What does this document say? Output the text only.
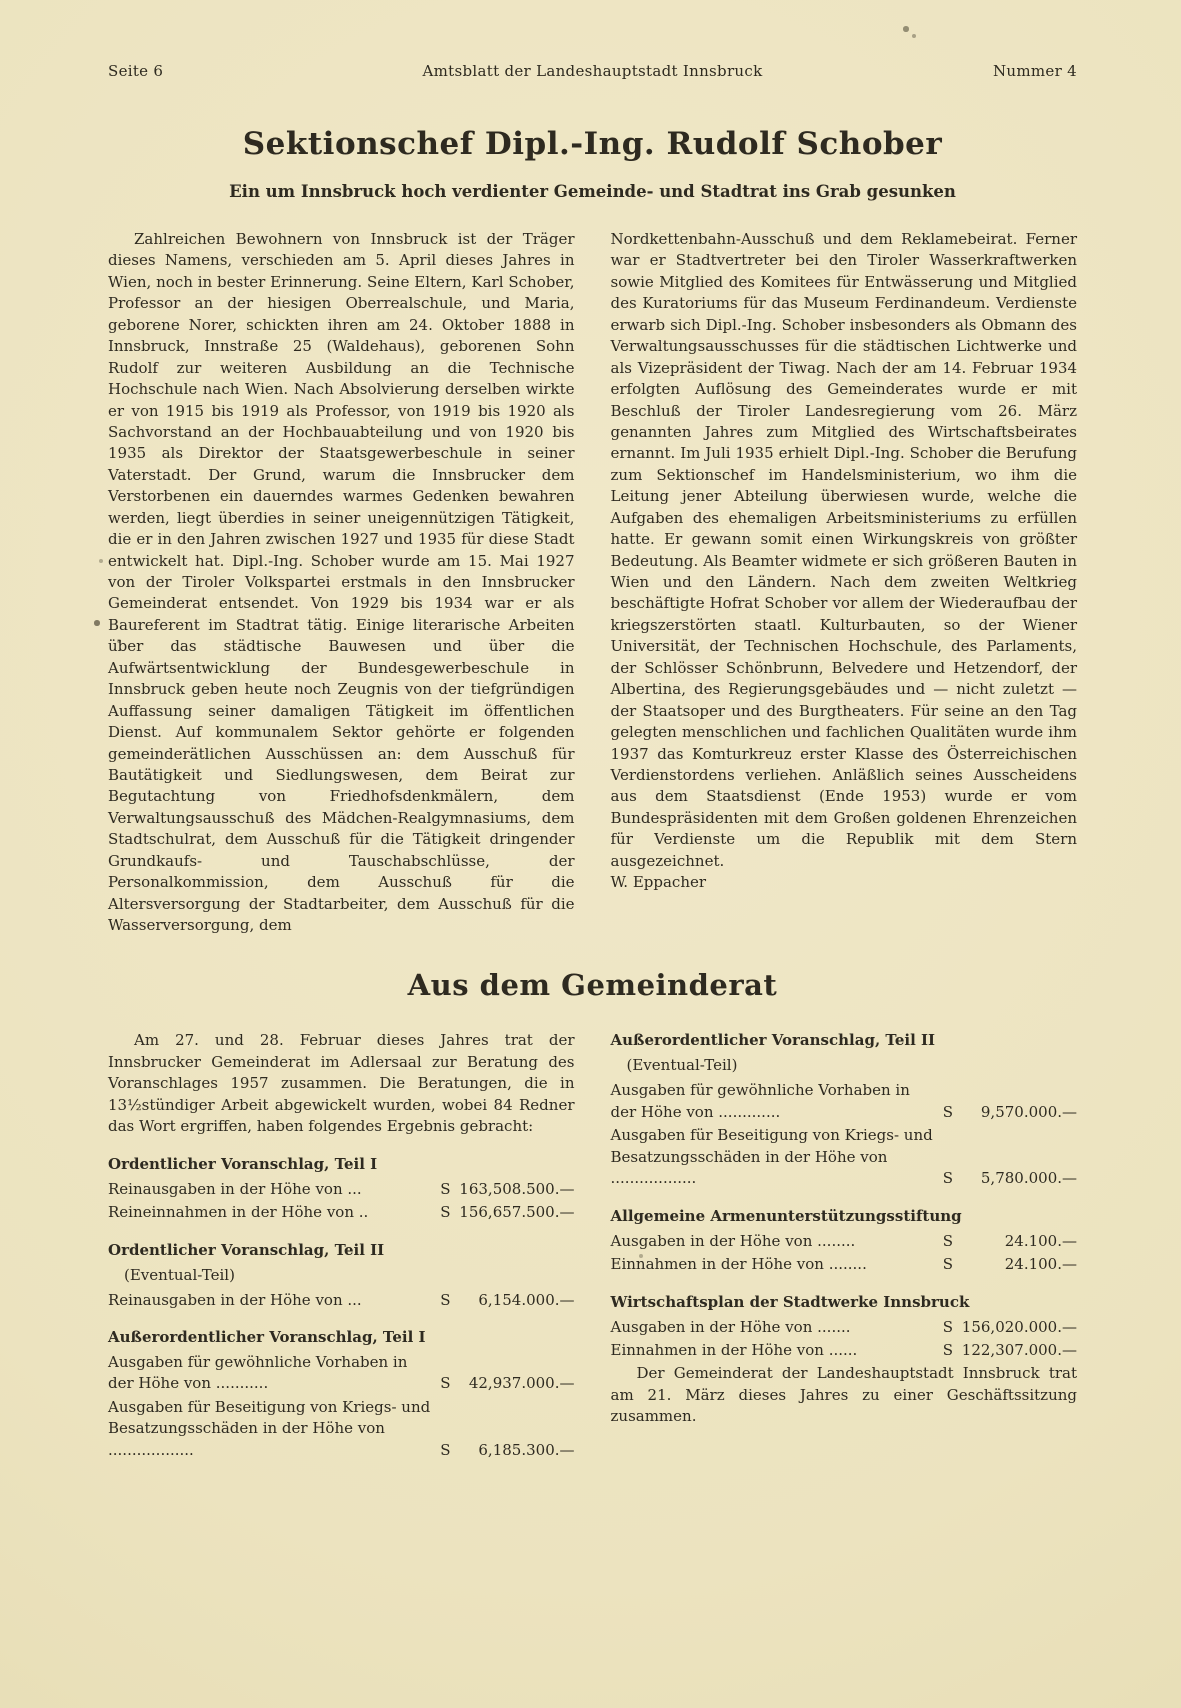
Seite 6	Amtsblatt der Landeshauptstadt Innsbruck	Nummer 4
Sektionschef Dipl.-Ing. Rudolf Schober
Ein um Innsbruck hoch verdienter Gemeinde- und Stadtrat ins Grab gesunken

Zahlreichen Bewohnern von Innsbruck ist der Träger dieses Namens, verschieden am 5. April dieses Jahres in Wien, noch in bester Erinnerung. Seine Eltern, Karl Schober, Professor an der hiesigen Oberrealschule, und Maria, geborene Norer, schickten ihren am 24. Oktober 1888 in Innsbruck, Innstraße 25 (Waldehaus), geborenen Sohn Rudolf zur weiteren Ausbildung an die Technische Hochschule nach Wien. Nach Absolvierung derselben wirkte er von 1915 bis 1919 als Professor, von 1919 bis 1920 als Sachvorstand an der Hochbauabteilung und von 1920 bis 1935 als Direktor der Staatsgewerbeschule in seiner Vaterstadt. Der Grund, warum die Innsbrucker dem Verstorbenen ein dauerndes warmes Gedenken bewahren werden, liegt überdies in seiner uneigennützigen Tätigkeit, die er in den Jahren zwischen 1927 und 1935 für diese Stadt entwickelt hat. Dipl.-Ing. Schober wurde am 15. Mai 1927 von der Tiroler Volkspartei erstmals in den Innsbrucker Gemeinderat entsendet. Von 1929 bis 1934 war er als Baureferent im Stadtrat tätig. Einige literarische Arbeiten über das städtische Bauwesen und über die Aufwärtsentwicklung der Bundesgewerbeschule in Innsbruck geben heute noch Zeugnis von der tiefgründigen Auffassung seiner damaligen Tätigkeit im öffentlichen Dienst. Auf kommunalem Sektor gehörte er folgenden gemeinderätlichen Ausschüssen an: dem Ausschuß für Bautätigkeit und Siedlungswesen, dem Beirat zur Begutachtung von Friedhofsdenkmälern, dem Verwaltungsausschuß des Mädchen-Realgymnasiums, dem Stadtschulrat, dem Ausschuß für die Tätigkeit dringender Grundkaufs- und Tauschabschlüsse, der Personalkommission, dem Ausschuß für die Altersversorgung der Stadtarbeiter, dem Ausschuß für die Wasserversorgung, dem

Nordkettenbahn-Ausschuß und dem Reklamebeirat. Ferner war er Stadtvertreter bei den Tiroler Wasserkraftwerken sowie Mitglied des Komitees für Entwässerung und Mitglied des Kuratoriums für das Museum Ferdinandeum. Verdienste erwarb sich Dipl.-Ing. Schober insbesonders als Obmann des Verwaltungsausschusses für die städtischen Lichtwerke und als Vizepräsident der Tiwag. Nach der am 14. Februar 1934 erfolgten Auflösung des Gemeinderates wurde er mit Beschluß der Tiroler Landesregierung vom 26. März genannten Jahres zum Mitglied des Wirtschaftsbeirates ernannt. Im Juli 1935 erhielt Dipl.-Ing. Schober die Berufung zum Sektionschef im Handelsministerium, wo ihm die Leitung jener Abteilung überwiesen wurde, welche die Aufgaben des ehemaligen Arbeitsministeriums zu erfüllen hatte. Er gewann somit einen Wirkungskreis von größter Bedeutung. Als Beamter widmete er sich größeren Bauten in Wien und den Ländern. Nach dem zweiten Weltkrieg beschäftigte Hofrat Schober vor allem der Wiederaufbau der kriegszerstörten staatl. Kulturbauten, so der Wiener Universität, der Technischen Hochschule, des Parlaments, der Schlösser Schönbrunn, Belvedere und Hetzendorf, der Albertina, des Regierungsgebäudes und — nicht zuletzt — der Staatsoper und des Burgtheaters. Für seine an den Tag gelegten menschlichen und fachlichen Qualitäten wurde ihm 1937 das Komturkreuz erster Klasse des Österreichischen Verdienstordens verliehen. Anläßlich seines Ausscheidens aus dem Staatsdienst (Ende 1953) wurde er vom Bundespräsidenten mit dem Großen goldenen Ehrenzeichen für Verdienste um die Republik mit dem Stern ausgezeichnet.

W. Eppacher

Aus dem Gemeinderat

Am 27. und 28. Februar dieses Jahres trat der Innsbrucker Gemeinderat im Adlersaal zur Beratung des Voranschlages 1957 zusammen. Die Beratungen, die in 13½stündiger Arbeit abgewickelt wurden, wobei 84 Redner das Wort ergriffen, haben folgendes Ergebnis gebracht:

Ordentlicher Voranschlag, Teil I
Reinausgaben in der Höhe von ...	S 163,508.500.—
Reineinnahmen in der Höhe von ..	S 156,657.500.—
Ordentlicher Voranschlag, Teil II

(Eventual-Teil)

Reinausgaben in der Höhe von ...	S	6,154.000.—
Außerordentlicher Voranschlag, Teil I
Ausgaben für gewöhnliche Vorhaben in der Höhe von ...........	S	42,937.000.—
Ausgaben für Beseitigung von Kriegs- und Besatzungsschäden in der Höhe von ..................	S	6,185.300.—
Außerordentlicher Voranschlag, Teil II

(Eventual-Teil)

Ausgaben für gewöhnliche Vorhaben in der Höhe von .............	S	9,570.000.—
Ausgaben für Beseitigung von Kriegs- und Besatzungsschäden in der Höhe von ..................	S	5,780.000.—
Allgemeine Armenunterstützungsstiftung
Ausgaben in der Höhe von ........	S	24.100.—
Einnahmen in der Höhe von ........	S	24.100.—
Wirtschaftsplan der Stadtwerke Innsbruck
Ausgaben in der Höhe von .......	S 156,020.000.—
Einnahmen in der Höhe von ......	S 122,307.000.—

Der Gemeinderat der Landeshauptstadt Innsbruck trat am 21. März dieses Jahres zu einer Geschäftssitzung zusammen.
